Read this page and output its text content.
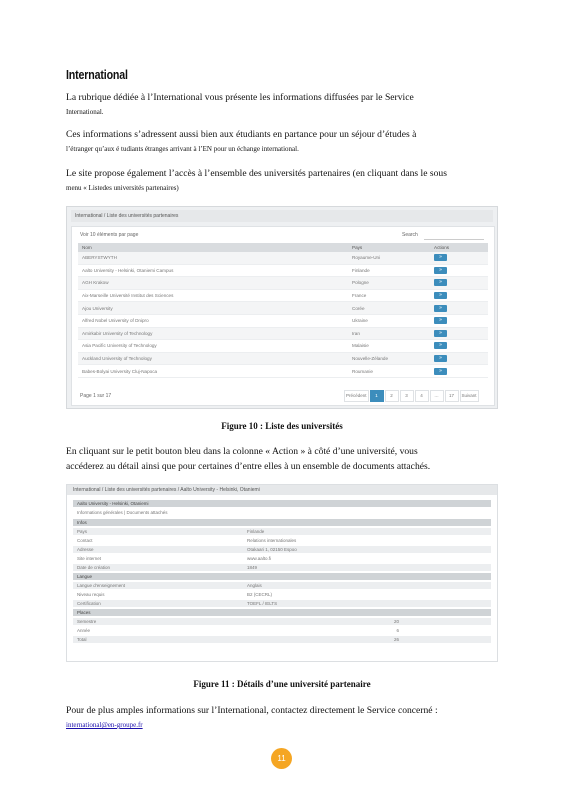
International
La rubrique dédiée à l’International vous présente les informations diffusées par le Service
International.
Ces informations s’adressent aussi bien aux étudiants en partance pour un séjour d’études à
l’étranger qu’aux é tudiants étranges arrivant à l’EN pour un échange international.
Le site propose également l’accès à l’ensemble des universités partenaires (en cliquant dans le sous
menu « Listedes universités partenaires)
International / Liste des universités partenaires
Voir 10 éléments par page	Search
Nom	Pays	Actions
ABERYSTWYTH	Royaume-Uni	»
Aalto University - Helsinki, Otaniemi Campus	Finlande	»
AGH Krakow	Pologne	»
Aix-Marseille Université Institut des Sciences	France	»
Ajou University	Corée	»
Alfred Nobel University of Dnipro	Ukraine	»
Amirkabir University of Technology	Iran	»
Asia Pacific University of Technology	Malaisie	»
Auckland University of Technology	Nouvelle-Zélande	»
Babes-Bolyai University Cluj-Napoca	Roumanie	»
Page 1 sur 17	Précédent	1	2	3	4	…	17	Suivant
Figure 10 : Liste des universités
En cliquant sur le petit bouton bleu dans la colonne « Action » à côté d’une université, vous
accéderez au détail ainsi que pour certaines d’entre elles à un ensemble de documents attachés.
International / Liste des universités partenaires / Aalto University - Helsinki, Otaniemi
Aalto University - Helsinki, Otaniemi
Informations générales | Documents attachés
Infos
Pays	Finlande
Contact	Relations internationales
Adresse	Otakaari 1, 02150 Espoo
Site internet	www.aalto.fi
Date de création	1849
Langue
Langue d’enseignement	Anglais
Niveau requis	B2 (CECRL)
Certification	TOEFL / IELTS
Places
Semestre	20
Année	6
Total	26
Figure 11 : Détails d’une université partenaire
Pour de plus amples informations sur l’International, contactez directement le Service concerné :
international@en-groupe.fr
11
